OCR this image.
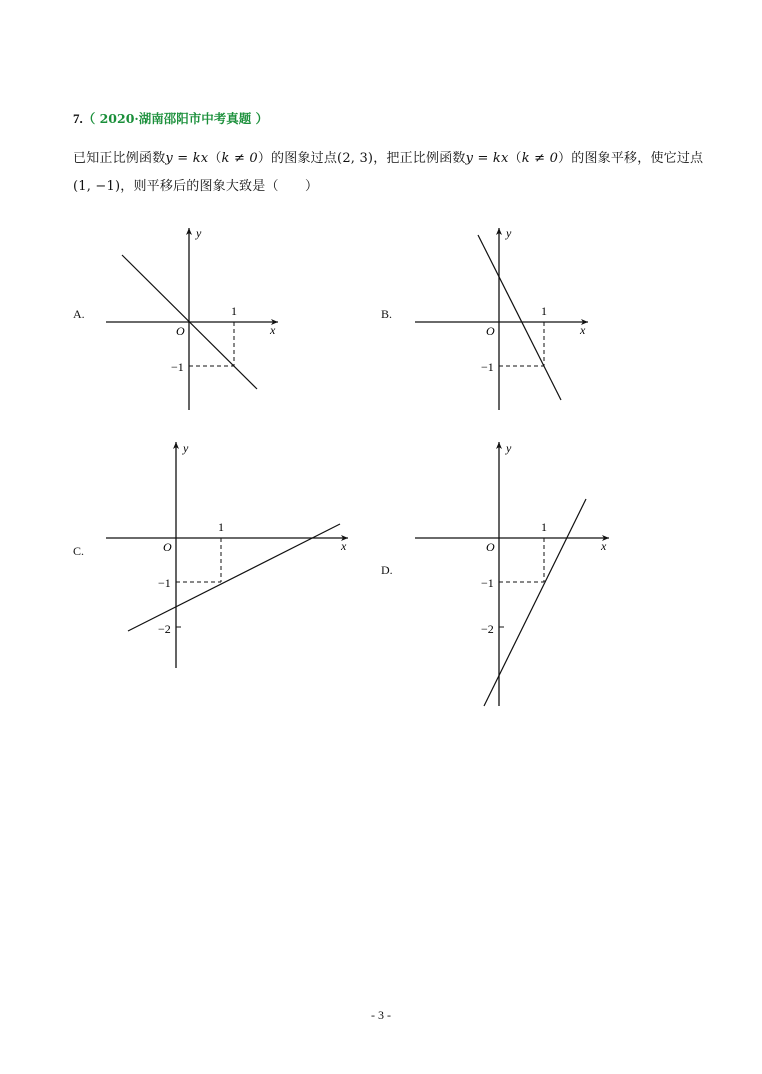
7.（ 2020·湖南邵阳市中考真题 ）
已知正比例函数y = kx（k ≠ 0）的图象过点(2, 3)，把正比例函数y = kx（k ≠ 0）的图象平移，使它过点
(1, −1)，则平移后的图象大致是（　　）
A.	B.
C.
D.
y
x
O
1
−1
y
x
O
1
−1
y
x
O
1
−1
−2
y
x
O
1
−1
−2
- 3 -
